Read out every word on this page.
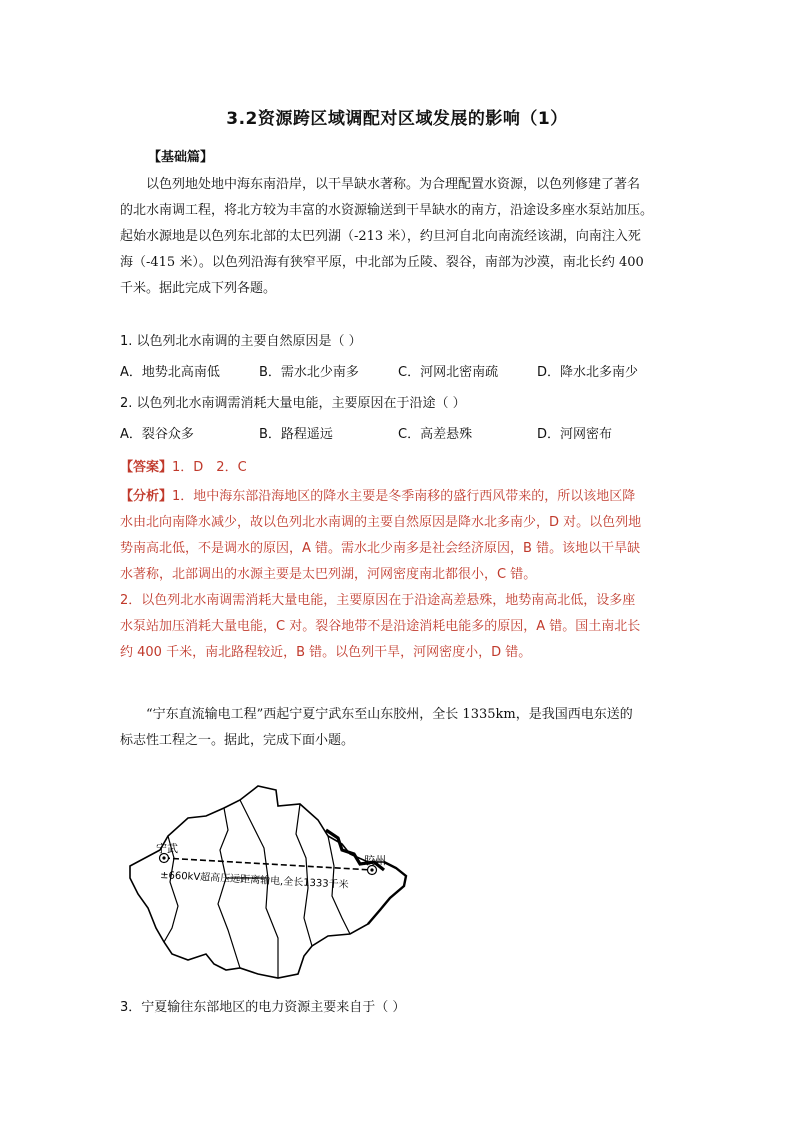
3.2资源跨区域调配对区域发展的影响（1）
【基础篇】

以色列地处地中海东南沿岸，以干旱缺水著称。为合理配置水资源，以色列修建了著名

的北水南调工程，将北方较为丰富的水资源输送到干旱缺水的南方，沿途设多座水泵站加压。

起始水源地是以色列东北部的太巴列湖（-213 米），约旦河自北向南流经该湖，向南注入死

海（-415 米）。以色列沿海有狭窄平原，中北部为丘陵、裂谷，南部为沙漠，南北长约 400

千米。据此完成下列各题。

1. 以色列北水南调的主要自然原因是（ ）
A．地势北高南低	B．需水北少南多	C．河网北密南疏	D．降水北多南少
2. 以色列北水南调需消耗大量电能，主要原因在于沿途（ ）
A．裂谷众多	B．路程遥远	C．高差悬殊	D．河网密布
【答案】1．D　2．C

【分析】1．地中海东部沿海地区的降水主要是冬季南移的盛行西风带来的，所以该地区降

水由北向南降水减少，故以色列北水南调的主要自然原因是降水北多南少，D 对。以色列地

势南高北低，不是调水的原因，A 错。需水北少南多是社会经济原因，B 错。该地以干旱缺

水著称，北部调出的水源主要是太巴列湖，河网密度南北都很小，C 错。

2．以色列北水南调需消耗大量电能，主要原因在于沿途高差悬殊，地势南高北低，设多座

水泵站加压消耗大量电能，C 对。裂谷地带不是沿途消耗电能多的原因，A 错。国土南北长

约 400 千米，南北路程较近，B 错。以色列干旱，河网密度小，D 错。

“宁东直流输电工程”西起宁夏宁武东至山东胶州，全长 1335km，是我国西电东送的

标志性工程之一。据此，完成下面小题。

宁武
胶州
±660kV超高压远距离输电,全长1333千米
3．宁夏输往东部地区的电力资源主要来自于（ ）
